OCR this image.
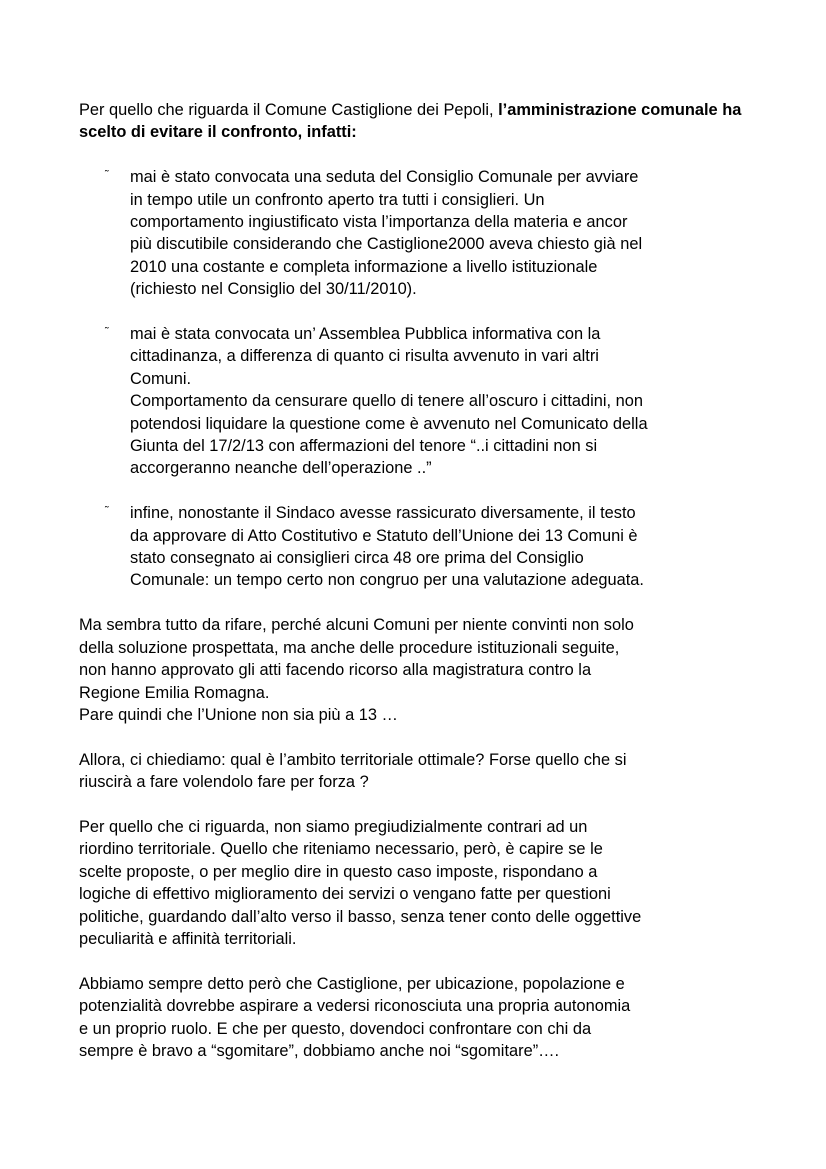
Per quello che riguarda il Comune Castiglione dei Pepoli, l’amministrazione comunale ha scelto di evitare il confronto, infatti:

˜ mai è stato convocata una seduta del Consiglio Comunale per avviare
in tempo utile un confronto aperto tra tutti i consiglieri. Un
comportamento ingiustificato vista l’importanza della materia e ancor
più discutibile considerando che Castiglione2000 aveva chiesto già nel
2010 una costante e completa informazione a livello istituzionale
(richiesto nel Consiglio del 30/11/2010).

˜ mai è stata convocata un’ Assemblea Pubblica informativa con la
cittadinanza, a differenza di quanto ci risulta avvenuto in vari altri
Comuni.
Comportamento da censurare quello di tenere all’oscuro i cittadini, non
potendosi liquidare la questione come è avvenuto nel Comunicato della
Giunta del 17/2/13 con affermazioni del tenore “..i cittadini non si
accorgeranno neanche dell’operazione ..”

˜ infine, nonostante il Sindaco avesse rassicurato diversamente, il testo
da approvare di Atto Costitutivo e Statuto dell’Unione dei 13 Comuni è
stato consegnato ai consiglieri circa 48 ore prima del Consiglio
Comunale: un tempo certo non congruo per una valutazione adeguata.

Ma sembra tutto da rifare, perché alcuni Comuni per niente convinti non solo
della soluzione prospettata, ma anche delle procedure istituzionali seguite,
non hanno approvato gli atti facendo ricorso alla magistratura contro la
Regione Emilia Romagna.
Pare quindi che l’Unione non sia più a 13 …

Allora, ci chiediamo: qual è l’ambito territoriale ottimale? Forse quello che si
riuscirà a fare volendolo fare per forza ?

Per quello che ci riguarda, non siamo pregiudizialmente contrari ad un
riordino territoriale. Quello che riteniamo necessario, però, è capire se le
scelte proposte, o per meglio dire in questo caso imposte, rispondano a
logiche di effettivo miglioramento dei servizi o vengano fatte per questioni
politiche, guardando dall’alto verso il basso, senza tener conto delle oggettive
peculiarità e affinità territoriali.

Abbiamo sempre detto però che Castiglione, per ubicazione, popolazione e
potenzialità dovrebbe aspirare a vedersi riconosciuta una propria autonomia
e un proprio ruolo. E che per questo, dovendoci confrontare con chi da
sempre è bravo a “sgomitare”, dobbiamo anche noi “sgomitare”….
